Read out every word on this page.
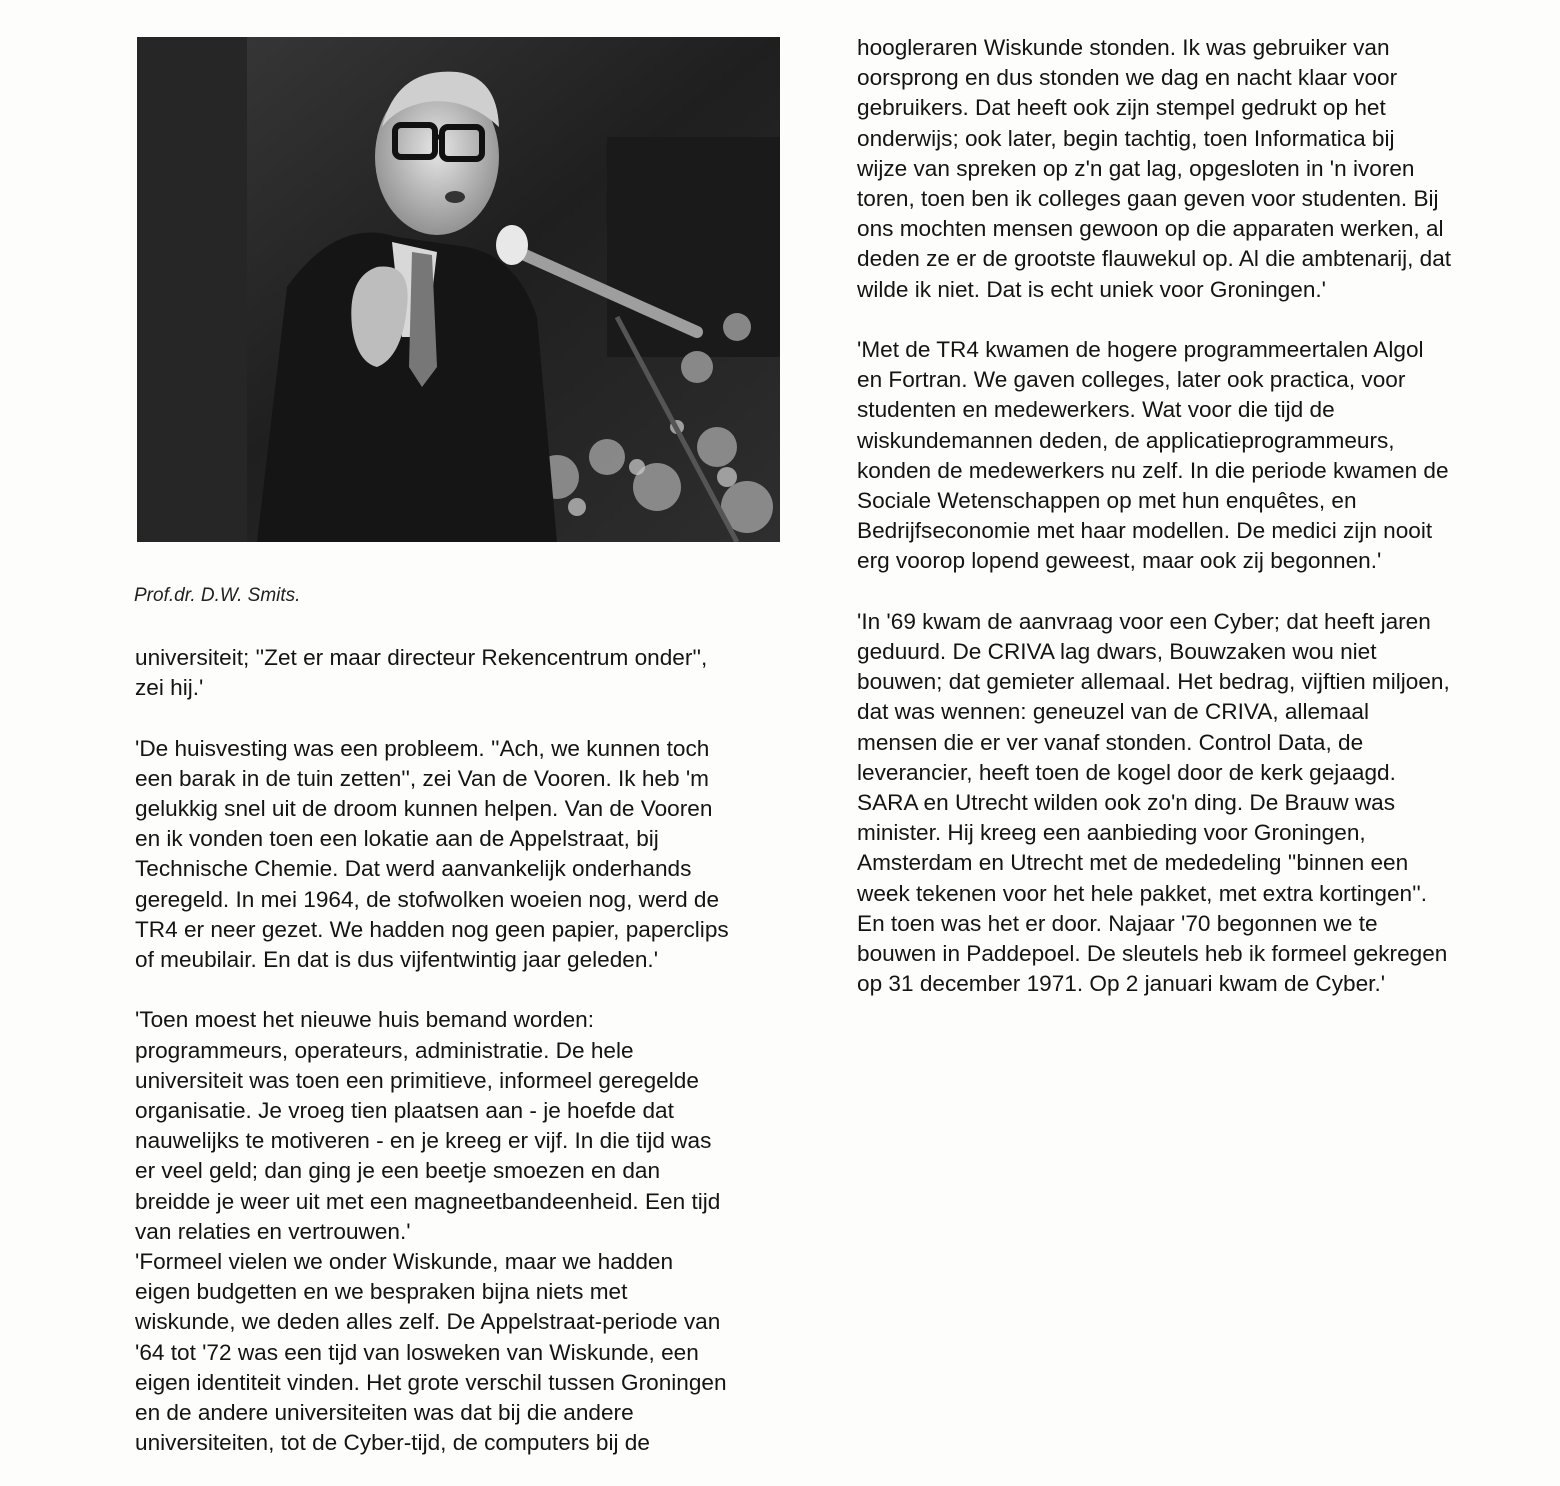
Prof.dr. D.W. Smits.

universiteit; ''Zet er maar directeur Rekencentrum onder'',
zei hij.'

'De huisvesting was een probleem. ''Ach, we kunnen toch
een barak in de tuin zetten'', zei Van de Vooren. Ik heb 'm
gelukkig snel uit de droom kunnen helpen. Van de Vooren
en ik vonden toen een lokatie aan de Appelstraat, bij
Technische Chemie. Dat werd aanvankelijk onderhands
geregeld. In mei 1964, de stofwolken woeien nog, werd de
TR4 er neer gezet. We hadden nog geen papier, paperclips
of meubilair. En dat is dus vijfentwintig jaar geleden.'

'Toen moest het nieuwe huis bemand worden:
programmeurs, operateurs, administratie. De hele
universiteit was toen een primitieve, informeel geregelde
organisatie. Je vroeg tien plaatsen aan - je hoefde dat
nauwelijks te motiveren - en je kreeg er vijf. In die tijd was
er veel geld; dan ging je een beetje smoezen en dan
breidde je weer uit met een magneetbandeenheid. Een tijd
van relaties en vertrouwen.'

'Formeel vielen we onder Wiskunde, maar we hadden
eigen budgetten en we bespraken bijna niets met
wiskunde, we deden alles zelf. De Appelstraat-periode van
'64 tot '72 was een tijd van losweken van Wiskunde, een
eigen identiteit vinden. Het grote verschil tussen Groningen
en de andere universiteiten was dat bij die andere
universiteiten, tot de Cyber-tijd, de computers bij de

hoogleraren Wiskunde stonden. Ik was gebruiker van
oorsprong en dus stonden we dag en nacht klaar voor
gebruikers. Dat heeft ook zijn stempel gedrukt op het
onderwijs; ook later, begin tachtig, toen Informatica bij
wijze van spreken op z'n gat lag, opgesloten in 'n ivoren
toren, toen ben ik colleges gaan geven voor studenten. Bij
ons mochten mensen gewoon op die apparaten werken, al
deden ze er de grootste flauwekul op. Al die ambtenarij, dat
wilde ik niet. Dat is echt uniek voor Groningen.'

'Met de TR4 kwamen de hogere programmeertalen Algol
en Fortran. We gaven colleges, later ook practica, voor
studenten en medewerkers. Wat voor die tijd de
wiskundemannen deden, de applicatieprogrammeurs,
konden de medewerkers nu zelf. In die periode kwamen de
Sociale Wetenschappen op met hun enquêtes, en
Bedrijfseconomie met haar modellen. De medici zijn nooit
erg voorop lopend geweest, maar ook zij begonnen.'

'In '69 kwam de aanvraag voor een Cyber; dat heeft jaren
geduurd. De CRIVA lag dwars, Bouwzaken wou niet
bouwen; dat gemieter allemaal. Het bedrag, vijftien miljoen,
dat was wennen: geneuzel van de CRIVA, allemaal
mensen die er ver vanaf stonden. Control Data, de
leverancier, heeft toen de kogel door de kerk gejaagd.
SARA en Utrecht wilden ook zo'n ding. De Brauw was
minister. Hij kreeg een aanbieding voor Groningen,
Amsterdam en Utrecht met de mededeling ''binnen een
week tekenen voor het hele pakket, met extra kortingen''.
En toen was het er door. Najaar '70 begonnen we te
bouwen in Paddepoel. De sleutels heb ik formeel gekregen
op 31 december 1971. Op 2 januari kwam de Cyber.'
